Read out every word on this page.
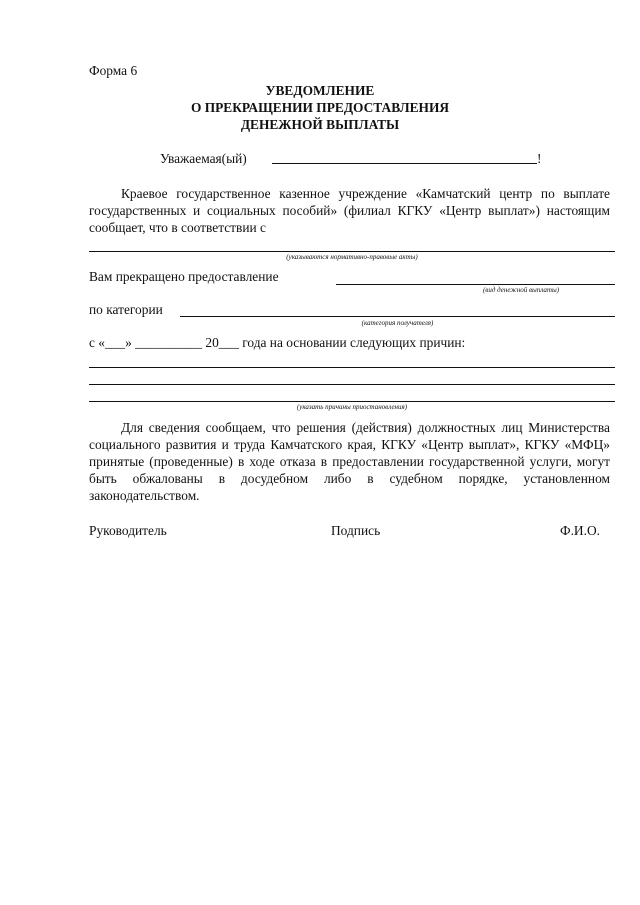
Форма 6
УВЕДОМЛЕНИЕ
О ПРЕКРАЩЕНИИ ПРЕДОСТАВЛЕНИЯ
ДЕНЕЖНОЙ ВЫПЛАТЫ
Уважаемая(ый)	!
Краевое государственное казенное учреждение «Камчатский центр по выплате государственных и социальных пособий» (филиал КГКУ «Центр выплат») настоящим сообщает, что в соответствии с
(указываются нормативно-правовые акты)
Вам прекращено предоставление
(вид денежной выплаты)
по категории
(категория получателя)
с «___» __________ 20___ года на основании следующих причин:
(указать причины приостановления)
Для сведения сообщаем, что решения (действия) должностных лиц Министерства социального развития и труда Камчатского края, КГКУ «Центр выплат», КГКУ «МФЦ» принятые (проведенные) в ходе отказа в предоставлении государственной услуги, могут быть обжалованы в досудебном либо в судебном порядке, установленном законодательством.
Руководитель	Подпись	Ф.И.О.
